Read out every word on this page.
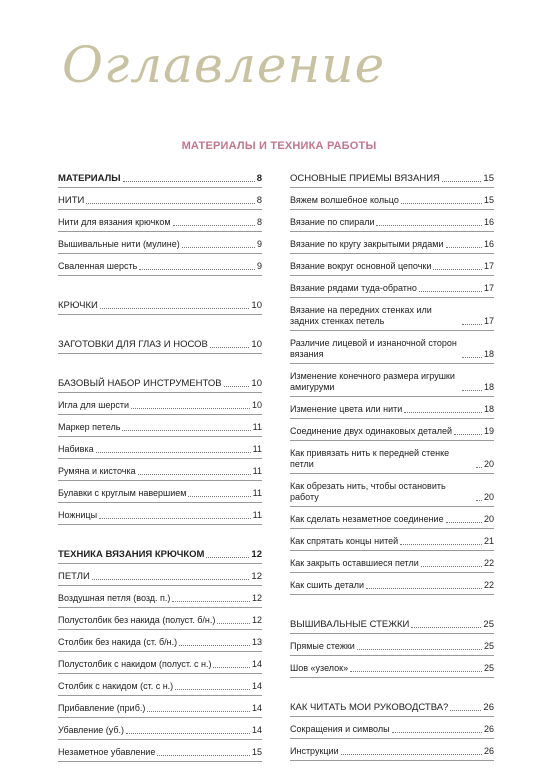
Оглавление
МАТЕРИАЛЫ И ТЕХНИКА РАБОТЫ
МАТЕРИАЛЫ	8
НИТИ	8
Нити для вязания крючком	8
Вышивальные нити (мулине)	9
Сваленная шерсть	9
КРЮЧКИ	10
ЗАГОТОВКИ ДЛЯ ГЛАЗ И НОСОВ	10
БАЗОВЫЙ НАБОР ИНСТРУМЕНТОВ	10
Игла для шерсти	10
Маркер петель	11
Набивка	11
Румяна и кисточка	11
Булавки с круглым навершием	11
Ножницы	11
ТЕХНИКА ВЯЗАНИЯ КРЮЧКОМ	12
ПЕТЛИ	12
Воздушная петля (возд. п.)	12
Полустолбик без накида (полуст. б/н.)	12
Столбик без накида (ст. б/н.)	13
Полустолбик с накидом (полуст. с н.)	14
Столбик с накидом (ст. с н.)	14
Прибавление (приб.)	14
Убавление (уб.)	14
Незаметное убавление	15
ОСНОВНЫЕ ПРИЕМЫ ВЯЗАНИЯ	15
Вяжем волшебное кольцо	15
Вязание по спирали	16
Вязание по кругу закрытыми рядами	16
Вязание вокруг основной цепочки	17
Вязание рядами туда-обратно	17
Вязание на передних стенках или задних стенках петель	17
Различие лицевой и изнаночной сторон вязания	18
Изменение конечного размера игрушки амигуруми	18
Изменение цвета или нити	18
Соединение двух одинаковых деталей	19
Как привязать нить к передней стенке петли	20
Как обрезать нить, чтобы остановить работу	20
Как сделать незаметное соединение	20
Как спрятать концы нитей	21
Как закрыть оставшиеся петли	22
Как сшить детали	22
ВЫШИВАЛЬНЫЕ СТЕЖКИ	25
Прямые стежки	25
Шов «узелок»	25
КАК ЧИТАТЬ МОИ РУКОВОДСТВА?	26
Сокращения и символы	26
Инструкции	26
